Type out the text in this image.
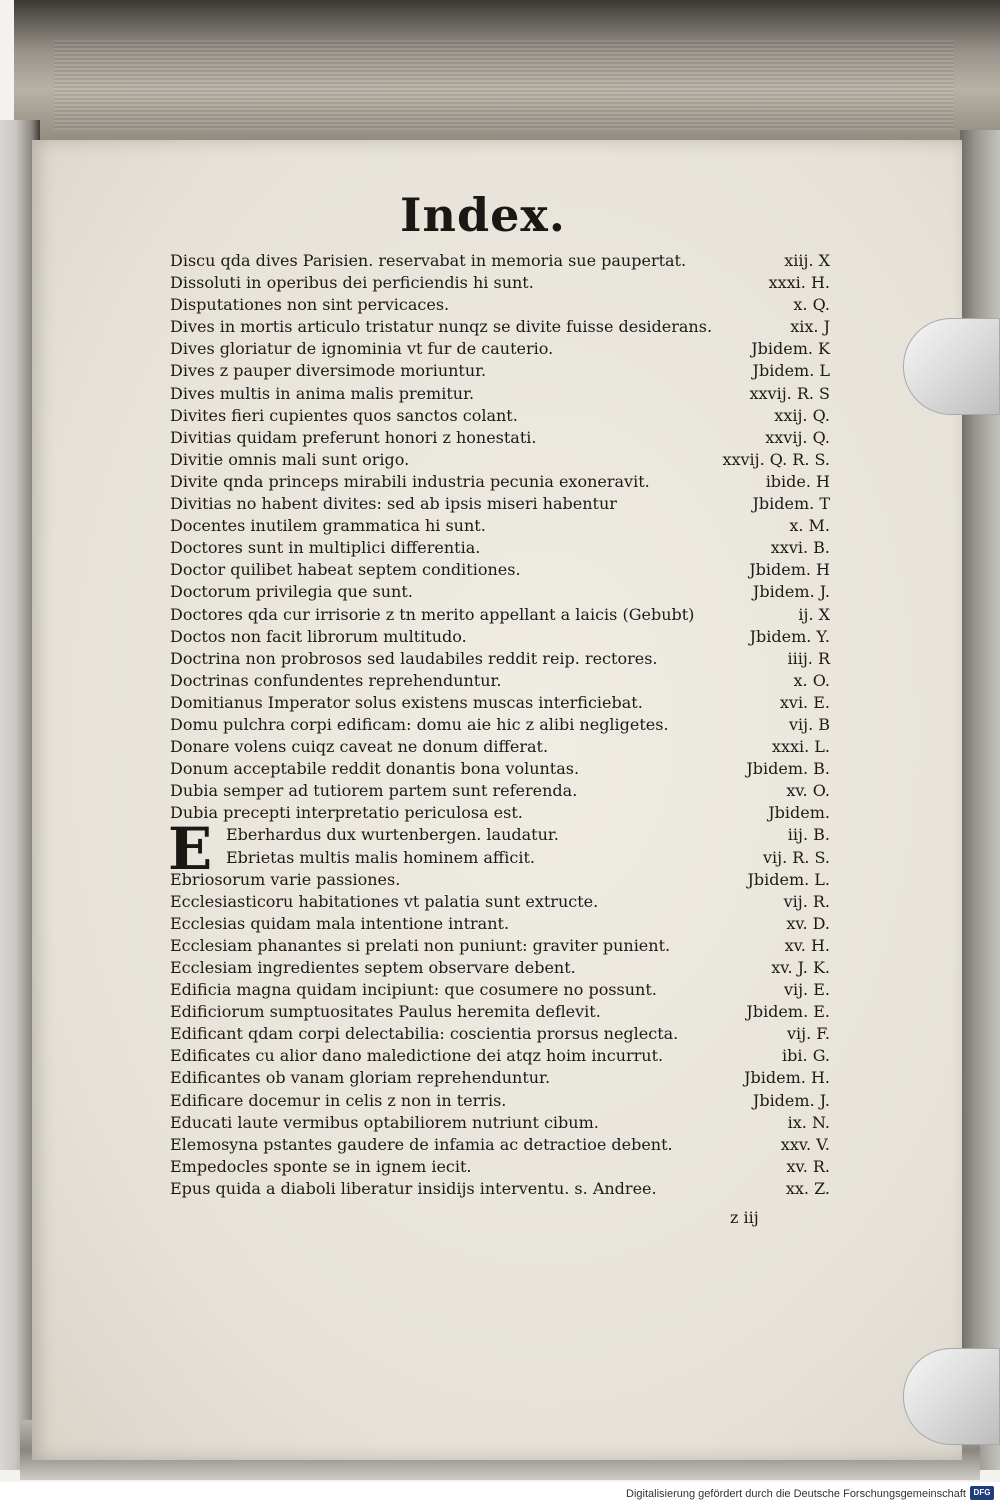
Index.
Discu qda dives Parisien. reservabat in memoria sue paupertat.	xiij. X
Dissoluti in operibus dei perficiendis hi sunt.	xxxi. H.
Disputationes non sint pervicaces.	x. Q.
Dives in mortis articulo tristatur nunqz se divite fuisse desiderans.	xix. J
Dives gloriatur de ignominia vt fur de cauterio.	Jbidem. K
Dives z pauper diversimode moriuntur.	Jbidem. L
Dives multis in anima malis premitur.	xxvij. R. S
Divites fieri cupientes quos sanctos colant.	xxij. Q.
Divitias quidam preferunt honori z honestati.	xxvij. Q.
Divitie omnis mali sunt origo.	xxvij. Q. R. S.
Divite qnda princeps mirabili industria pecunia exoneravit.	ibide. H
Divitias no habent divites: sed ab ipsis miseri habentur	Jbidem. T
Docentes inutilem grammatica hi sunt.	x. M.
Doctores sunt in multiplici differentia.	xxvi. B.
Doctor quilibet habeat septem conditiones.	Jbidem. H
Doctorum privilegia que sunt.	Jbidem. J.
Doctores qda cur irrisorie z tn merito appellant a laicis (Gebubt)	ij. X
Doctos non facit librorum multitudo.	Jbidem. Y.
Doctrina non probrosos sed laudabiles reddit reip. rectores.	iiij. R
Doctrinas confundentes reprehenduntur.	x. O.
Domitianus Imperator solus existens muscas interficiebat.	xvi. E.
Domu pulchra corpi edificam: domu aie hic z alibi negligetes.	vij. B
Donare volens cuiqz caveat ne donum differat.	xxxi. L.
Donum acceptabile reddit donantis bona voluntas.	Jbidem. B.
Dubia semper ad tutiorem partem sunt referenda.	xv. O.
Dubia precepti interpretatio periculosa est.	Jbidem.
Eberhardus dux wurtenbergen. laudatur.	iij. B.
Ebrietas multis malis hominem afficit.	vij. R. S.
Ebriosorum varie passiones.	Jbidem. L.
Ecclesiasticoru habitationes vt palatia sunt extructe.	vij. R.
Ecclesias quidam mala intentione intrant.	xv. D.
Ecclesiam phanantes si prelati non puniunt: graviter punient.	xv. H.
Ecclesiam ingredientes septem observare debent.	xv. J. K.
Edificia magna quidam incipiunt: que cosumere no possunt.	vij. E.
Edificiorum sumptuositates Paulus heremita deflevit.	Jbidem. E.
Edificant qdam corpi delectabilia: coscientia prorsus neglecta.	vij. F.
Edificates cu alior dano maledictione dei atqz hoim incurrut.	ibi. G.
Edificantes ob vanam gloriam reprehenduntur.	Jbidem. H.
Edificare docemur in celis z non in terris.	Jbidem. J.
Educati laute vermibus optabiliorem nutriunt cibum.	ix. N.
Elemosyna pstantes gaudere de infamia ac detractioe debent.	xxv. V.
Empedocles sponte se in ignem iecit.	xv. R.
Epus quida a diaboli liberatur insidijs interventu. s. Andree.	xx. Z.
E
z iij
Digitalisierung gefördert durch die Deutsche Forschungsgemeinschaft DFG
